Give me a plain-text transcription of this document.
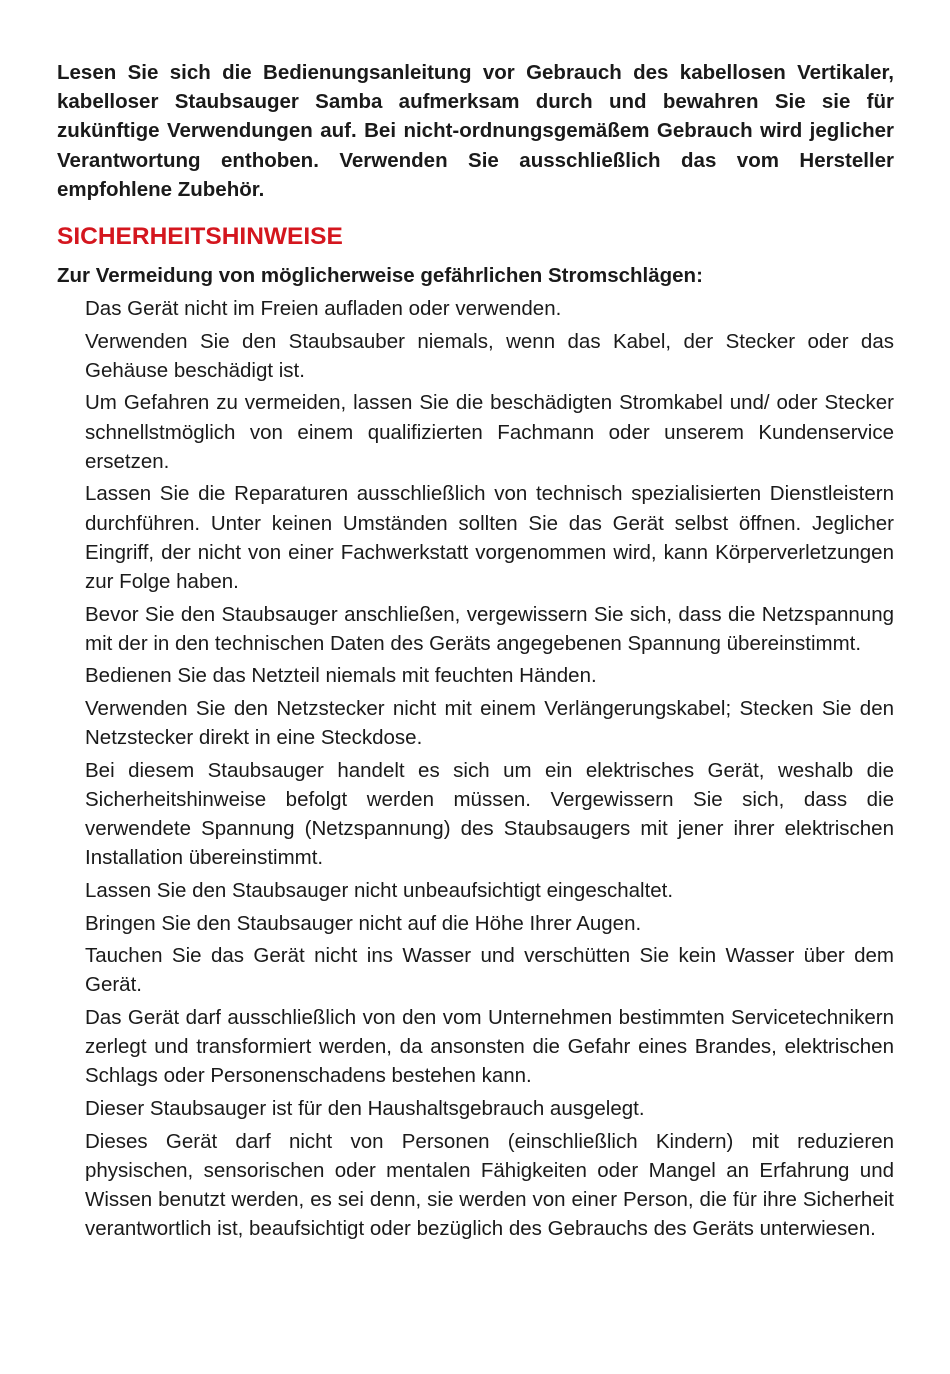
Lesen Sie sich die Bedienungsanleitung vor Gebrauch des kabellosen Vertikaler, kabelloser Staubsauger Samba aufmerksam durch und bewahren Sie sie für zukünftige Verwendungen auf. Bei nicht-ordnungsgemäßem Gebrauch wird jeglicher Verantwortung enthoben. Verwenden Sie ausschließlich das vom Hersteller empfohlene Zubehör.

SICHERHEITSHINWEISE
Zur Vermeidung von möglicherweise gefährlichen Stromschlägen:
Das Gerät nicht im Freien aufladen oder verwenden.
Verwenden Sie den Staubsauber niemals, wenn das Kabel, der Stecker oder das Gehäuse beschädigt ist.
Um Gefahren zu vermeiden, lassen Sie die beschädigten Stromkabel und/ oder Stecker schnellstmöglich von einem qualifizierten Fachmann oder unserem Kundenservice ersetzen.
Lassen Sie die Reparaturen ausschließlich von technisch spezialisierten Dienstleistern durchführen. Unter keinen Umständen sollten Sie das Gerät selbst öffnen. Jeglicher Eingriff, der nicht von einer Fachwerkstatt vorgenommen wird, kann Körperverletzungen zur Folge haben.
Bevor Sie den Staubsauger anschließen, vergewissern Sie sich, dass die Netzspannung mit der in den technischen Daten des Geräts angegebenen Spannung übereinstimmt.
Bedienen Sie das Netzteil niemals mit feuchten Händen.
Verwenden Sie den Netzstecker nicht mit einem Verlängerungskabel; Stecken Sie den Netzstecker direkt in eine Steckdose.
Bei diesem Staubsauger handelt es sich um ein elektrisches Gerät, weshalb die Sicherheitshinweise befolgt werden müssen. Vergewissern Sie sich, dass die verwendete Spannung (Netzspannung) des Staubsaugers mit jener ihrer elektrischen Installation übereinstimmt.
Lassen Sie den Staubsauger nicht unbeaufsichtigt eingeschaltet.
Bringen Sie den Staubsauger nicht auf die Höhe Ihrer Augen.
Tauchen Sie das Gerät nicht ins Wasser und verschütten Sie kein Wasser über dem Gerät.
Das Gerät darf ausschließlich von den vom Unternehmen bestimmten Servicetechnikern zerlegt und transformiert werden, da ansonsten die Gefahr eines Brandes, elektrischen Schlags oder Personenschadens bestehen kann.
Dieser Staubsauger ist für den Haushaltsgebrauch ausgelegt.
Dieses Gerät darf nicht von Personen (einschließlich Kindern) mit reduzieren physischen, sensorischen oder mentalen Fähigkeiten oder Mangel an Erfahrung und Wissen benutzt werden, es sei denn, sie werden von einer Person, die für ihre Sicherheit verantwortlich ist, beaufsichtigt oder bezüglich des Gebrauchs des Geräts unterwiesen.
